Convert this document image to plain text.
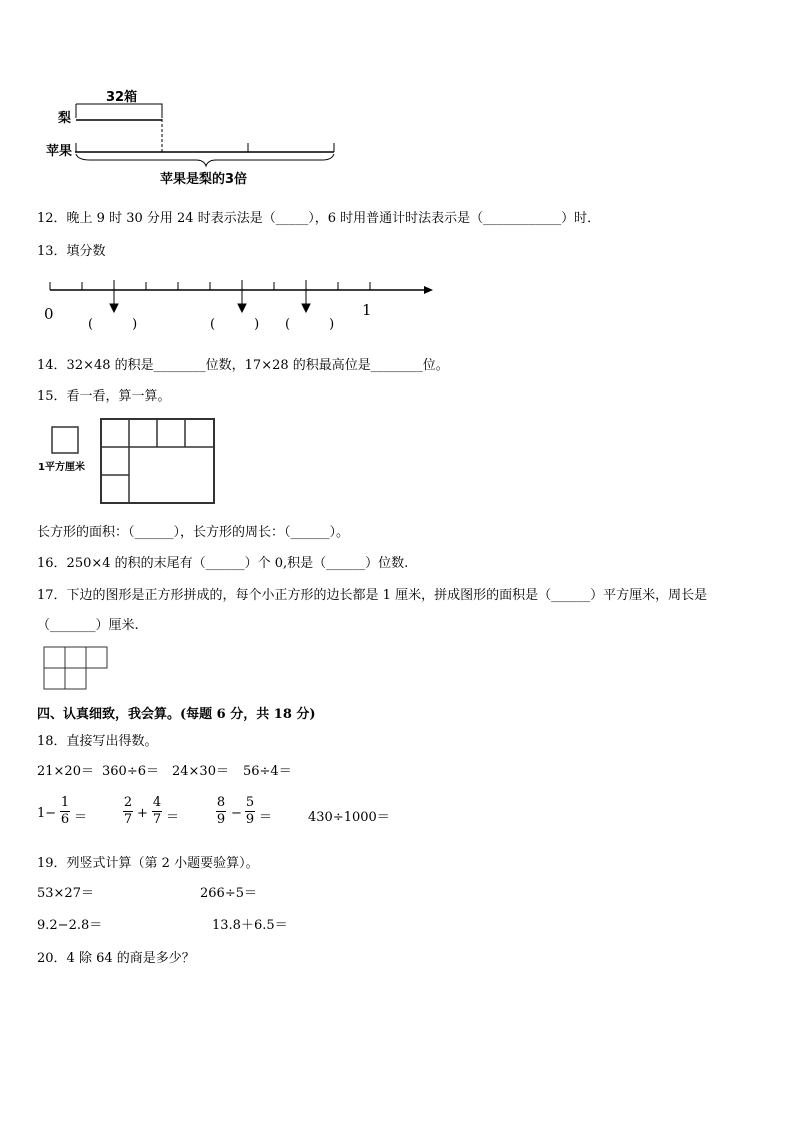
32箱
梨
苹果
苹果是梨的3倍
12．晚上 9 时 30 分用 24 时表示法是（_____），6 时用普通计时法表示是（____________）时．
13．填分数
0	1
(　　　)	(　　　) (　　　)
14．32×48 的积是________位数，17×28 的积最高位是________位。
15．看一看，算一算。
1平方厘米
长方形的面积：（______），长方形的周长：（______）。
16．250×4 的积的末尾有（______）个 0,积是（______）位数.
17．下边的图形是正方形拼成的，每个小正方形的边长都是 1 厘米，拼成图形的面积是（______）平方厘米，周长是
（_______）厘米.
四、认真细致，我会算。(每题 6 分，共 18 分)
18．直接写出得数。
21×20＝ 360÷6＝ 24×30＝ 56÷4＝
1−
1
6 ＝
2
7 +
4
7 ＝
8
9 −
5
9 ＝	430÷1000＝
19．列竖式计算（第 2 小题要验算）。
53×27＝	266÷5＝
9.2−2.8＝	13.8＋6.5＝
20．4 除 64 的商是多少？
